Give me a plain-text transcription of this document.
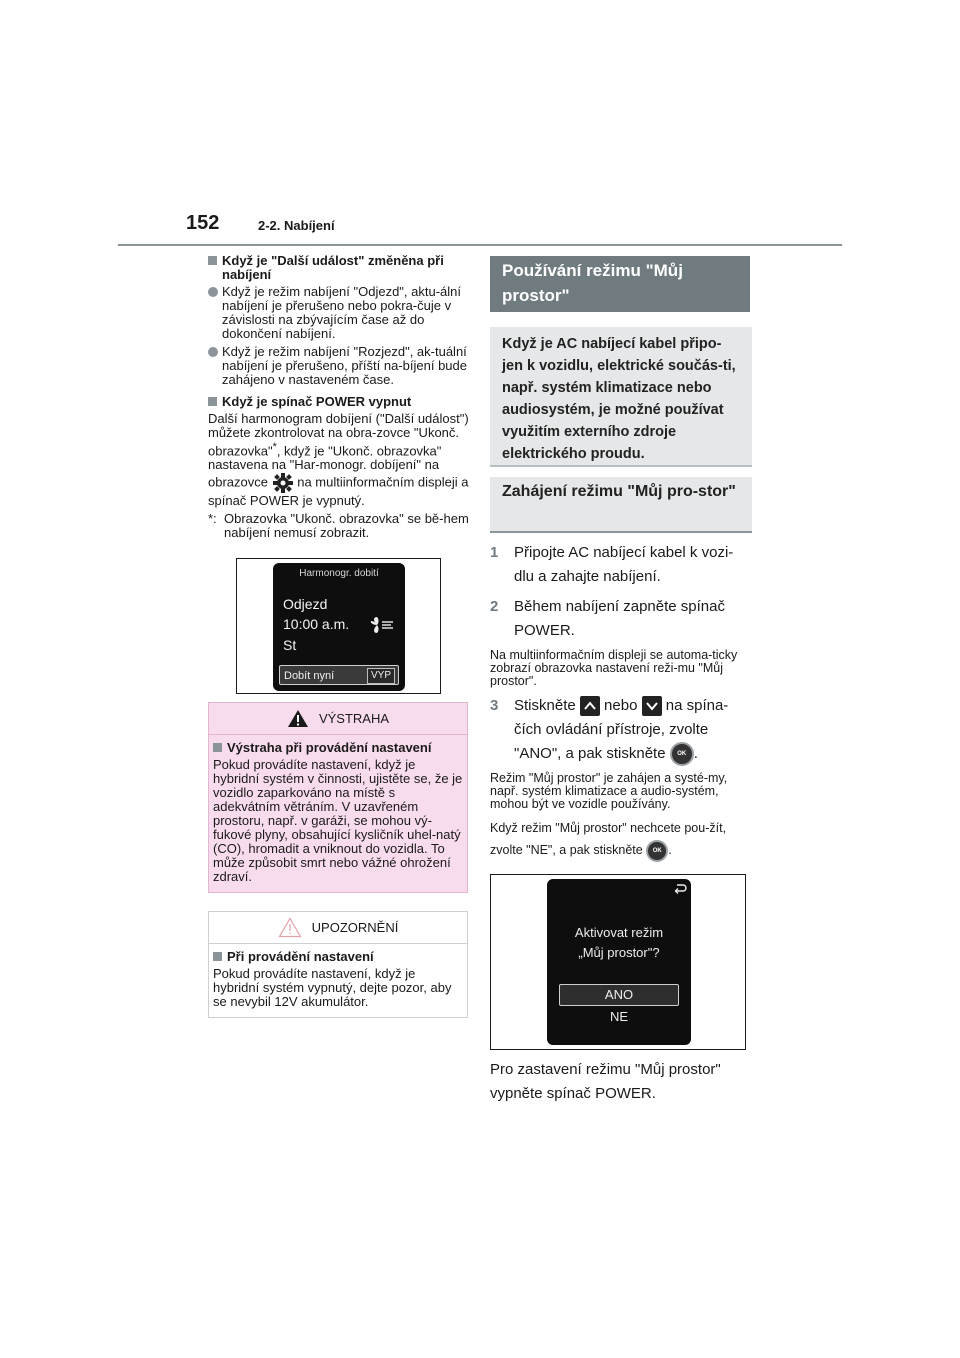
152	2-2. Nabíjení
Když je "Další událost" změněna při nabíjení
Když je režim nabíjení "Odjezd", aktu-ální nabíjení je přerušeno nebo pokra-čuje v závislosti na zbývajícím čase až do dokončení nabíjení.
Když je režim nabíjení "Rozjezd", ak-tuální nabíjení je přerušeno, příští na-bíjení bude zahájeno v nastaveném čase.
Když je spínač POWER vypnut
Další harmonogram dobíjení ("Další událost") můžete zkontrolovat na obra-zovce "Ukonč. obrazovka"*, když je "Ukonč. obrazovka" nastavena na "Har-monogr. dobíjení" na obrazovce na multiinformačním displeji a spínač POWER je vypnutý.
*: Obrazovka "Ukonč. obrazovka" se bě-hem nabíjení nemusí zobrazit.
Harmonogr. dobití
Odjezd
10:00 a.m.
St
Dobít nyní	VYP
VÝSTRAHA
Výstraha při provádění nastavení
Pokud provádíte nastavení, když je hybridní systém v činnosti, ujistěte se, že je vozidlo zaparkováno na místě s adekvátním větráním. V uzavřeném prostoru, např. v garáži, se mohou vý-fukové plyny, obsahující kysličník uhel-natý (CO), hromadit a vniknout do vozidla. To může způsobit smrt nebo vážné ohrožení zdraví.
UPOZORNĚNÍ
Při provádění nastavení
Pokud provádíte nastavení, když je hybridní systém vypnutý, dejte pozor, aby se nevybil 12V akumulátor.
Používání režimu "Můj prostor"
Když je AC nabíjecí kabel připo-jen k vozidlu, elektrické součás-ti, např. systém klimatizace nebo audiosystém, je možné používat využitím externího zdroje elektrického proudu.
Zahájení režimu "Můj pro-stor"
1	Připojte AC nabíjecí kabel k vozi-dlu a zahajte nabíjení.
2	Během nabíjení zapněte spínač POWER.
Na multiinformačním displeji se automa-ticky zobrazí obrazovka nastavení reži-mu "Můj prostor".
3	Stiskněte nebo na spína-čích ovládání přístroje, zvolte "ANO", a pak stiskněte OK .
Režim "Můj prostor" je zahájen a systé-my, např. systém klimatizace a audio-systém, mohou být ve vozidle používány.
Když režim "Můj prostor" nechcete pou-žít, zvolte "NE", a pak stiskněte OK .
Aktivovat režim
„Můj prostor"?
ANO
NE
Pro zastavení režimu "Můj prostor" vypněte spínač POWER.
